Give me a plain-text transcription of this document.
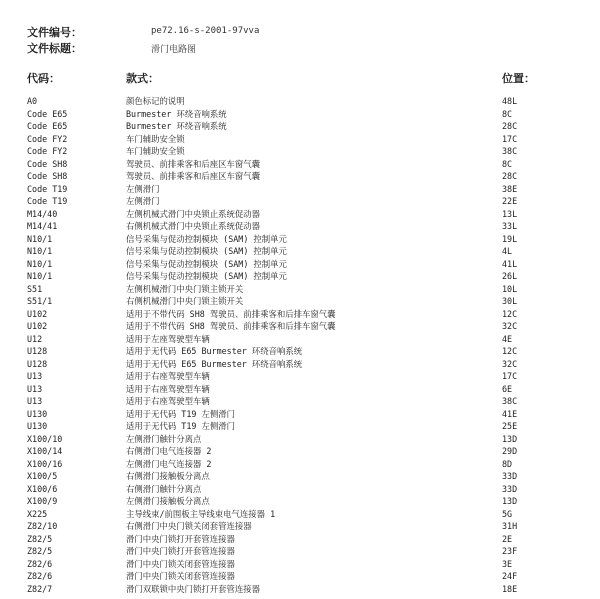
文件编号：	pe72.16-s-2001-97vva
文件标题：	滑门电路图
代码：	款式：	位置：
A0	颜色标记的说明	48L
Code E65	Burmester 环绕音响系统	8C
Code E65	Burmester 环绕音响系统	28C
Code FY2	车门辅助安全锁	17C
Code FY2	车门辅助安全锁	38C
Code SH8	驾驶员、前排乘客和后座区车窗气囊	8C
Code SH8	驾驶员、前排乘客和后座区车窗气囊	28C
Code T19	左侧滑门	38E
Code T19	左侧滑门	22E
M14/40	左侧机械式滑门中央锁止系统促动器	13L
M14/41	右侧机械式滑门中央锁止系统促动器	33L
N10/1	信号采集与促动控制模块 (SAM) 控制单元	19L
N10/1	信号采集与促动控制模块 (SAM) 控制单元	4L
N10/1	信号采集与促动控制模块 (SAM) 控制单元	41L
N10/1	信号采集与促动控制模块 (SAM) 控制单元	26L
S51	左侧机械滑门中央门锁主锁开关	10L
S51/1	右侧机械滑门中央门锁主锁开关	30L
U102	适用于不带代码 SH8 驾驶员、前排乘客和后排车窗气囊	12C
U102	适用于不带代码 SH8 驾驶员、前排乘客和后排车窗气囊	32C
U12	适用于左座驾驶型车辆	4E
U128	适用于无代码 E65 Burmester 环绕音响系统	12C
U128	适用于无代码 E65 Burmester 环绕音响系统	32C
U13	适用于右座驾驶型车辆	17C
U13	适用于右座驾驶型车辆	6E
U13	适用于右座驾驶型车辆	38C
U130	适用于无代码 T19 左侧滑门	41E
U130	适用于无代码 T19 左侧滑门	25E
X100/10	左侧滑门触针分离点	13D
X100/14	右侧滑门电气连接器 2	29D
X100/16	左侧滑门电气连接器 2	8D
X100/5	右侧滑门接触板分离点	33D
X100/6	右侧滑门触针分离点	33D
X100/9	左侧滑门接触板分离点	13D
X225	主导线束/前围板主导线束电气连接器 1	5G
Z82/10	右侧滑门中央门锁关闭套管连接器	31H
Z82/5	滑门中央门锁打开套管连接器	2E
Z82/5	滑门中央门锁打开套管连接器	23F
Z82/6	滑门中央门锁关闭套管连接器	3E
Z82/6	滑门中央门锁关闭套管连接器	24F
Z82/7	滑门双联锁中央门锁打开套管连接器	18E
